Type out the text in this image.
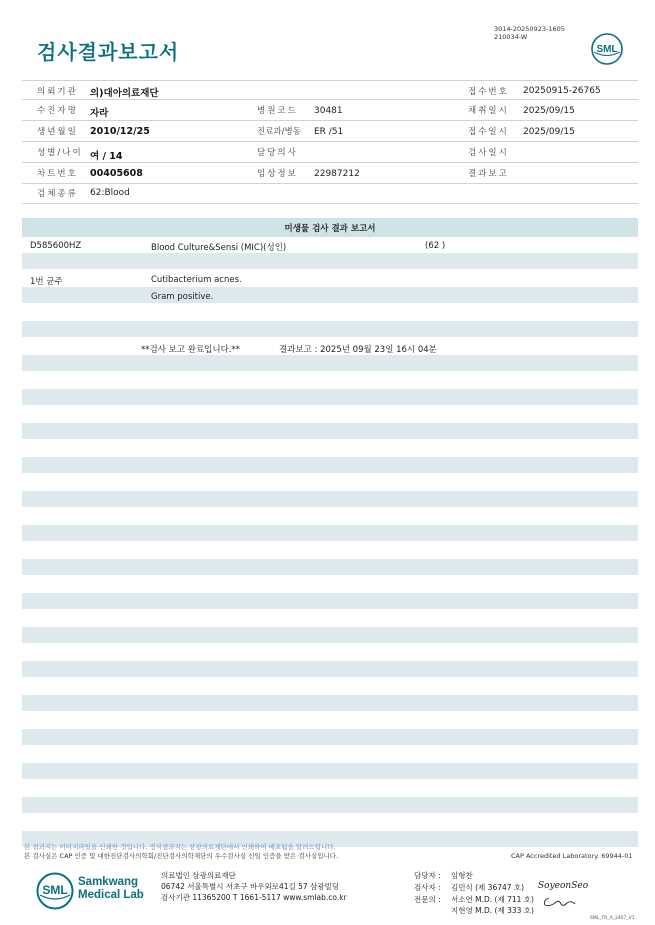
검사결과보고서
3014-20250923-1605
210034-W
SML
의뢰기관 의)대아의료재단	접수번호 20250915-26765
수진자명 자라	병원코드 30481	채취일시 2025/09/15
생년월일 2010/12/25	진료과/병동 ER /51	접수일시 2025/09/15
성별/나이 여 / 14	담당의사	검사일시
차트번호 00405608	임상정보 22987212	결과보고
검체종류 62:Blood
미생물 검사 결과 보고서
D585600HZ	Blood Culture&Sensi (MIC)(성인)	(62 )
1번 균주	Cutibacterium acnes.
Gram positive.
**검사 보고 완료입니다.**	결과보고 : 2025년 09월 23일 16시 04분
본 결과지는 이미지파일을 인쇄한 것입니다. 정식결과지는 삼광의료재단에서 인쇄하여 배포됨을 알려드립니다.
본 검사실은 CAP 인증 및 대한진단검사의학회/진단검사의학재단의 우수검사실 신임 인증을 받은 검사실입니다.	CAP Accredited Laboratory. 69944-01
SML
Samkwang
Medical Lab
의료법인 삼광의료재단
06742 서울특별시 서초구 바우뫼로41길 57 삼광빌딩
검사기관 11365200 T 1661-5117 www.smlab.co.kr
담당자 : 임형찬
검사자 : 김민식 (제 36747 호)
전문의 : 서소연 M.D. (제 711 호)
지현영 M.D. (제 333 호)
SoyeonSeo
SML_TR_A_2407_V1
